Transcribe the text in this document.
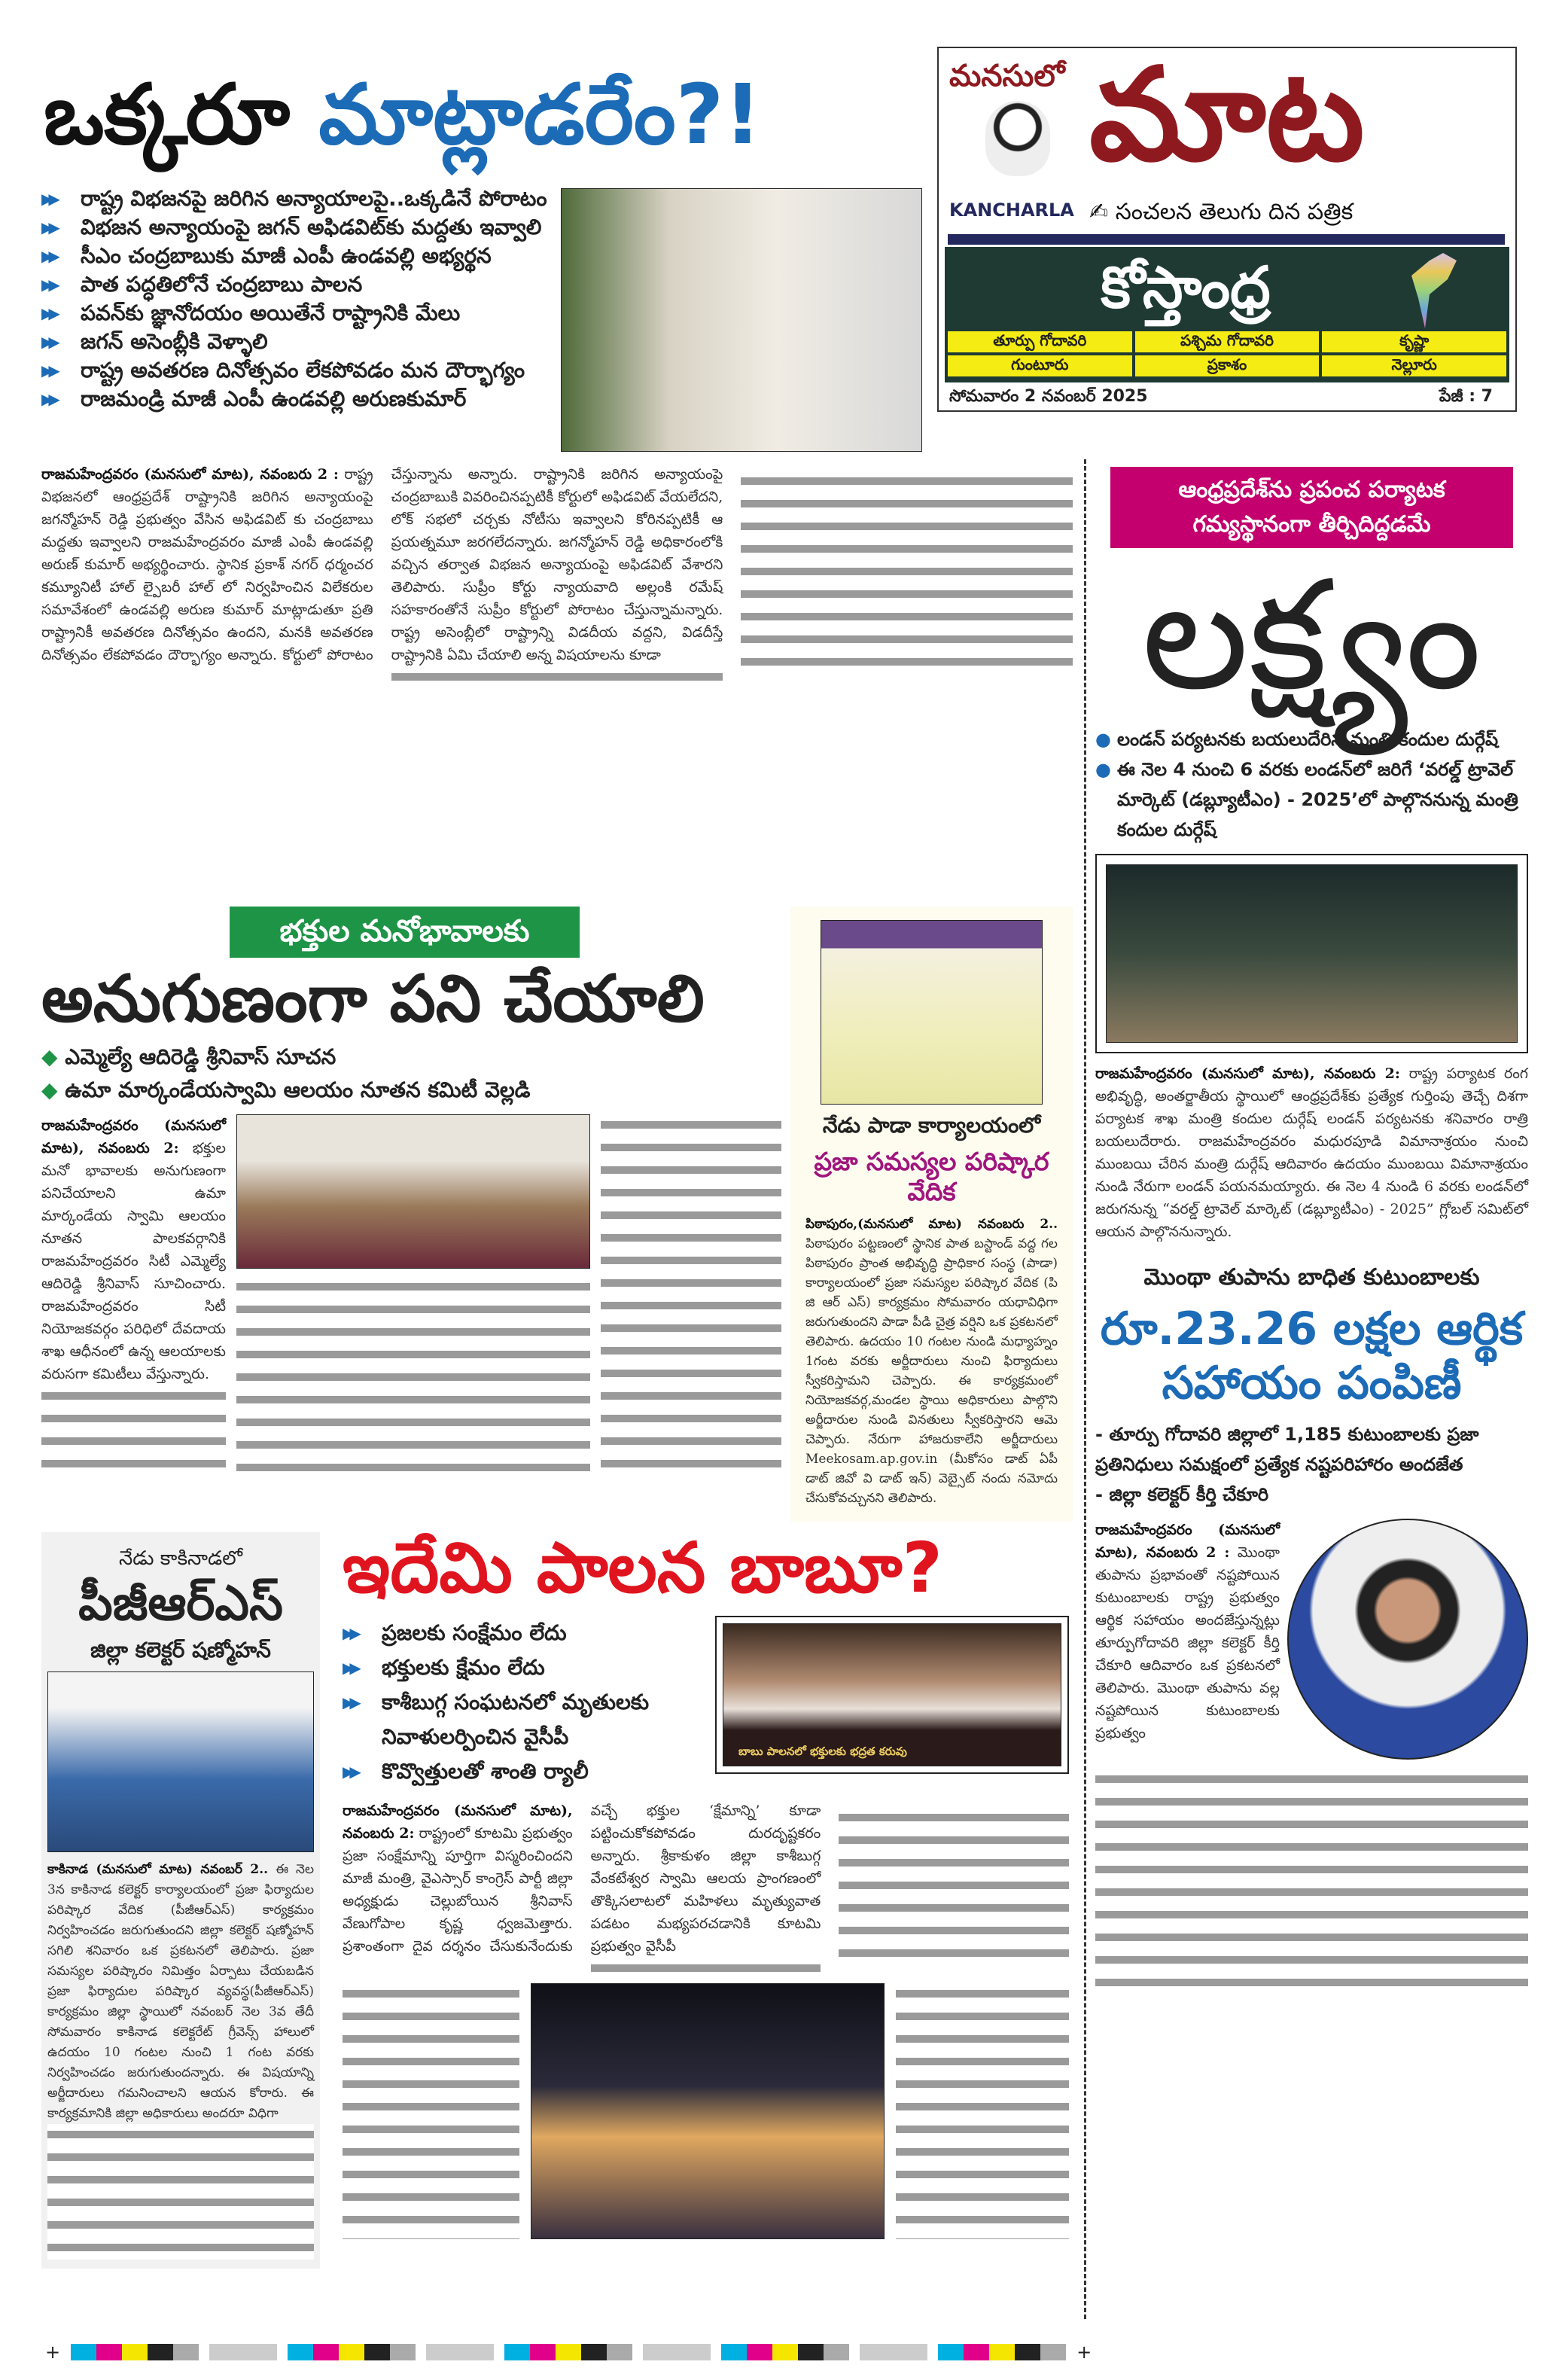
ఒక్కరూ మాట్లాడరేం?!	మనసులో
KANCHARLA
మాట
✍ సంచలన తెలుగు దిన పత్రిక
కోస్తాంధ్ర
తూర్పు గోదావరి	పశ్చిమ గోదావరి	కృష్ణా
గుంటూరు	ప్రకాశం	నెల్లూరు
సోమవారం 2 నవంబర్ 2025	పేజీ : 7
▶▶	రాష్ట్ర విభజనపై జరిగిన అన్యాయాలపై..ఒక్కడినే పోరాటం
▶▶	విభజన అన్యాయంపై జగన్ అఫిడవిట్‌కు మద్దతు ఇవ్వాలి
▶▶	సీఎం చంద్రబాబుకు మాజీ ఎంపీ ఉండవల్లి అభ్యర్థన
▶▶	పాత పద్ధతిలోనే చంద్రబాబు పాలన
▶▶	పవన్‌కు జ్ఞానోదయం అయితేనే రాష్ట్రానికి మేలు
▶▶	జగన్ అసెంబ్లీకి వెళ్ళాలి
▶▶	రాష్ట్ర అవతరణ దినోత్సవం లేకపోవడం మన దౌర్భాగ్యం
▶▶	రాజమండ్రి మాజీ ఎంపీ ఉండవల్లి అరుణకుమార్
రాజమహేంద్రవరం (మనసులో మాట), నవంబరు 2 : రాష్ట్ర విభజనలో ఆంధ్రప్రదేశ్ రాష్ట్రానికి జరిగిన అన్యాయంపై జగన్మోహన్ రెడ్డి ప్రభుత్వం వేసిన అఫిడవిట్ కు చంద్రబాబు మద్దతు ఇవ్వాలని రాజమహేంద్రవరం మాజీ ఎంపీ ఉండవల్లి అరుణ్ కుమార్ అభ్యర్థించారు. స్థానిక ప్రకాశ్ నగర్ ధర్మంచర కమ్యూనిటీ హాల్ ల్పైబరీ హాల్ లో నిర్వహించిన విలేకరుల సమావేశంలో ఉండవల్లి అరుణ కుమార్ మాట్లాడుతూ ప్రతి రాష్ట్రానికీ అవతరణ దినోత్సవం ఉందని, మనకి అవతరణ దినోత్సవం లేకపోవడం దౌర్భాగ్యం అన్నారు. కోర్టులో పోరాటం చేస్తున్నాను అన్నారు. రాష్ట్రానికి జరిగిన అన్యాయంపై చంద్రబాబుకి వివరించినప్పటికీ కోర్టులో అఫిడవిట్ వేయలేదని, లోక్ సభలో చర్చకు నోటీసు ఇవ్వాలని కోరినప్పటికీ ఆ ప్రయత్నమూ జరగలేదన్నారు. జగన్మోహన్ రెడ్డి అధికారంలోకి వచ్చిన తర్వాత విభజన అన్యాయంపై అఫిడవిట్ వేశారని తెలిపారు. సుప్రీం కోర్టు న్యాయవాది అల్లంకి రమేష్ సహకారంతోనే సుప్రీం కోర్టులో పోరాటం చేస్తున్నామన్నారు. రాష్ట్ర అసెంబ్లీలో రాష్ట్రాన్ని విడదీయ వద్దని, విడదీస్తే రాష్ట్రానికి ఏమి చేయాలి అన్న విషయాలను కూడా
భక్తుల మనోభావాలకు
అనుగుణంగా పని చేయాలి
◆ ఎమ్మెల్యే ఆదిరెడ్డి శ్రీనివాస్ సూచన
◆ ఉమా మార్కండేయస్వామి ఆలయం నూతన కమిటీ వెల్లడి
రాజమహేంద్రవరం (మనసులో మాట), నవంబరు 2: భక్తుల మనో భావాలకు అనుగుణంగా పనిచేయాలని ఉమా మార్కండేయ స్వామి ఆలయం నూతన పాలకవర్గానికి రాజమహేంద్రవరం సిటీ ఎమ్మెల్యే ఆదిరెడ్డి శ్రీనివాస్ సూచించారు. రాజమహేంద్రవరం సిటీ నియోజకవర్గం పరిధిలో దేవదాయ శాఖ ఆధీనంలో ఉన్న ఆలయాలకు వరుసగా కమిటీలు వేస్తున్నారు.
నేడు పాడా కార్యాలయంలో
ప్రజా సమస్యల పరిష్కార వేదిక
పిఠాపురం,(మనసులో మాట) నవంబరు 2.. పిఠాపురం పట్టణంలో స్థానిక పాత బస్టాండ్ వద్ద గల పిఠాపురం ప్రాంత అభివృద్ధి ప్రాధికార సంస్థ (పాడా) కార్యాలయంలో ప్రజా సమస్యల పరిష్కార వేదిక (పి జి ఆర్ ఎస్) కార్యక్రమం సోమవారం యధావిధిగా జరుగుతుందని పాడా పీడి చైత్ర వర్షిని ఒక ప్రకటనలో తెలిపారు. ఉదయం 10 గంటల నుండి మధ్యాహ్నం 1గంట వరకు అర్జీదారులు నుంచి ఫిర్యాదులు స్వీకరిస్తామని చెప్పారు. ఈ కార్యక్రమంలో నియోజకవర్గ,మండల స్థాయి అధికారులు పాల్గొని అర్జీదారుల నుండి వినతులు స్వీకరిస్తారని ఆమె చెప్పారు. నేరుగా హాజరుకాలేని అర్జీదారులు Meekosam.ap.gov.in (మీకోసం డాట్ ఏపీ డాట్ జివో వి డాట్ ఇన్) వెబ్సైట్ నందు నమోదు చేసుకోవచ్చునని తెలిపారు.
నేడు కాకినాడలో
పీజీఆర్ఎస్
జిల్లా కలెక్టర్ షణ్మోహన్
కాకినాడ (మనసులో మాట) నవంబర్ 2.. ఈ నెల 3న కాకినాడ కలెక్టర్ కార్యాలయంలో ప్రజా ఫిర్యాదుల పరిష్కార వేదిక (పీజీఆర్ఎస్) కార్యక్రమం నిర్వహించడం జరుగుతుందని జిల్లా కలెక్టర్ షణ్మోహన్ సగిలి శనివారం ఒక ప్రకటనలో తెలిపారు. ప్రజా సమస్యల పరిష్కారం నిమిత్తం ఏర్పాటు చేయబడిన ప్రజా ఫిర్యాదుల పరిష్కార వ్యవస్థ(పీజీఆర్ఎస్) కార్యక్రమం జిల్లా స్థాయిలో నవంబర్ నెల 3వ తేదీ సోమవారం కాకినాడ కలెక్టరేట్ గ్రీవెన్స్ హాలులో ఉదయం 10 గంటల నుంచి 1 గంట వరకు నిర్వహించడం జరుగుతుందన్నారు. ఈ విషయాన్ని అర్జీదారులు గమనించాలని ఆయన కోరారు. ఈ కార్యక్రమానికి జిల్లా అధికారులు అందరూ విధిగా
ఇదేమి పాలన బాబూ?
▶▶	ప్రజలకు సంక్షేమం లేదు
▶▶	భక్తులకు క్షేమం లేదు
▶▶	కాశీబుగ్గ సంఘటనలో మృతులకు నివాళులర్పించిన వైసీపీ
▶▶	కొవ్వొత్తులతో శాంతి ర్యాలీ
బాబు పాలనలో భక్తులకు భద్రత కరువు
రాజమహేంద్రవరం (మనసులో మాట), నవంబరు 2: రాష్ట్రంలో కూటమి ప్రభుత్వం ప్రజా సంక్షేమాన్ని పూర్తిగా విస్మరించిందని మాజీ మంత్రి, వైఎస్సార్ కాంగ్రెస్ పార్టీ జిల్లా అధ్యక్షుడు చెల్లుబోయిన శ్రీనివాస్ వేణుగోపాల కృష్ణ ధ్వజమెత్తారు. ప్రశాంతంగా దైవ దర్శనం చేసుకునేందుకు వచ్చే భక్తుల ‘క్షేమాన్ని’ కూడా పట్టించుకోకపోవడం దురదృష్టకరం అన్నారు. శ్రీకాకుళం జిల్లా కాశీబుగ్గ వేంకటేశ్వర స్వామి ఆలయ ప్రాంగణంలో తొక్కిసలాటలో మహిళలు మృత్యువాత పడటం మభ్యపరచడానికి కూటమి ప్రభుత్వం వైసీపీ
ఆంధ్రప్రదేశ్‌ను ప్రపంచ పర్యాటక గమ్యస్థానంగా తీర్చిదిద్దడమే
లక్ష్యం
● లండన్ పర్యటనకు బయలుదేరిన మంత్రి కందుల దుర్గేష్
● ఈ నెల 4 నుంచి 6 వరకు లండన్‌లో జరిగే ‘వరల్డ్ ట్రావెల్ మార్కెట్ (డబ్ల్యూటీఎం) - 2025’లో పాల్గొననున్న మంత్రి కందుల దుర్గేష్
రాజమహేంద్రవరం (మనసులో మాట), నవంబరు 2: రాష్ట్ర పర్యాటక రంగ అభివృద్ధి, అంతర్జాతీయ స్థాయిలో ఆంధ్రప్రదేశ్‌కు ప్రత్యేక గుర్తింపు తెచ్చే దిశగా పర్యాటక శాఖ మంత్రి కందుల దుర్గేష్ లండన్ పర్యటనకు శనివారం రాత్రి బయలుదేరారు. రాజమహేంద్రవరం మధురపూడి విమానాశ్రయం నుంచి ముంబయి చేరిన మంత్రి దుర్గేష్ ఆదివారం ఉదయం ముంబయి విమానాశ్రయం నుండి నేరుగా లండన్ పయనమయ్యారు. ఈ నెల 4 నుండి 6 వరకు లండన్‌లో జరుగనున్న “వరల్డ్ ట్రావెల్ మార్కెట్ (డబ్ల్యూటీఎం) - 2025” గ్లోబల్ సమిట్‌లో ఆయన పాల్గొననున్నారు.
మొంథా తుపాను బాధిత కుటుంబాలకు
రూ.23.26 లక్షల ఆర్థిక సహాయం పంపిణీ
- తూర్పు గోదావరి జిల్లాలో 1,185 కుటుంబాలకు ప్రజా ప్రతినిధులు సమక్షంలో ప్రత్యేక నష్టపరిహారం అందజేత
- జిల్లా కలెక్టర్ కీర్తి చేకూరి
రాజమహేంద్రవరం (మనసులో మాట), నవంబరు 2 : మొంథా తుపాను ప్రభావంతో నష్టపోయిన కుటుంబాలకు రాష్ట్ర ప్రభుత్వం ఆర్థిక సహాయం అందజేస్తున్నట్లు తూర్పుగోదావరి జిల్లా కలెక్టర్ కీర్తి చేకూరి ఆదివారం ఒక ప్రకటనలో తెలిపారు. మొంథా తుపాను వల్ల నష్టపోయిన కుటుంబాలకు ప్రభుత్వం
+	+
